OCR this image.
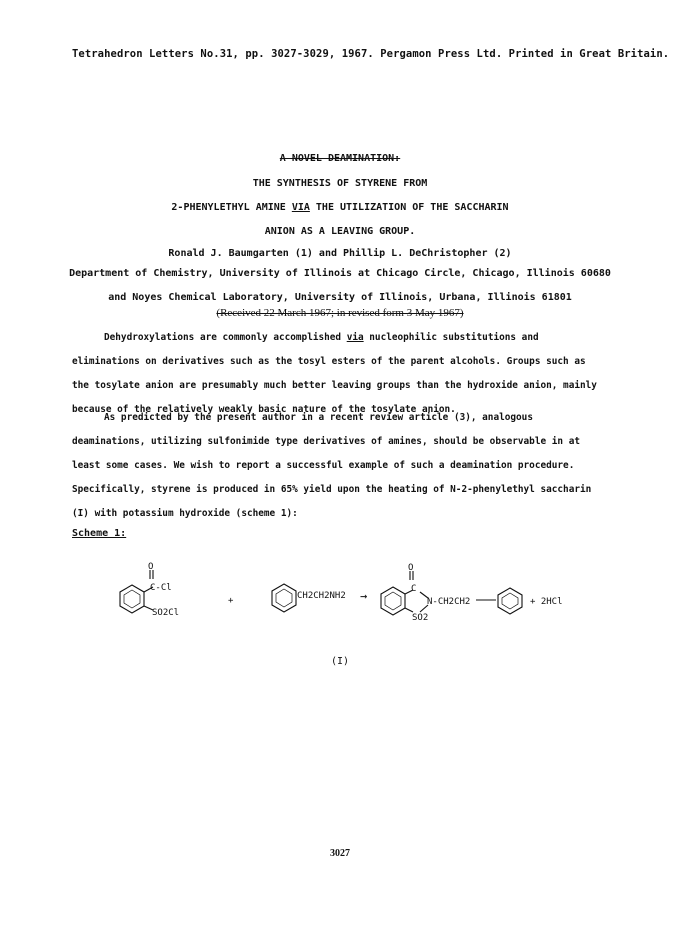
Tetrahedron Letters No.31, pp. 3027-3029, 1967. Pergamon Press Ltd. Printed in Great Britain.
A NOVEL DEAMINATION:
THE SYNTHESIS OF STYRENE FROM
2-PHENYLETHYL AMINE VIA THE UTILIZATION OF THE SACCHARIN
ANION AS A LEAVING GROUP.
Ronald J. Baumgarten (1) and Phillip L. DeChristopher (2)
Department of Chemistry, University of Illinois at Chicago Circle, Chicago, Illinois 60680
and Noyes Chemical Laboratory, University of Illinois, Urbana, Illinois 61801
(Received 22 March 1967; in revised form 3 May 1967)
Dehydroxylations are commonly accomplished via nucleophilic substitutions and eliminations on derivatives such as the tosyl esters of the parent alcohols. Groups such as the tosylate anion are presumably much better leaving groups than the hydroxide anion, mainly because of the relatively weakly basic nature of the tosylate anion.
As predicted by the present author in a recent review article (3), analogous deaminations, utilizing sulfonimide type derivatives of amines, should be observable in at least some cases. We wish to report a successful example of such a deamination procedure. Specifically, styrene is produced in 65% yield upon the heating of N-2-phenylethyl saccharin (I) with potassium hydroxide (scheme 1):
Scheme 1:
O
C-Cl
SO2Cl
+	CH2CH2NH2 →
O
C
N-CH2CH2
SO2
+ 2HCl
(I)
3027
